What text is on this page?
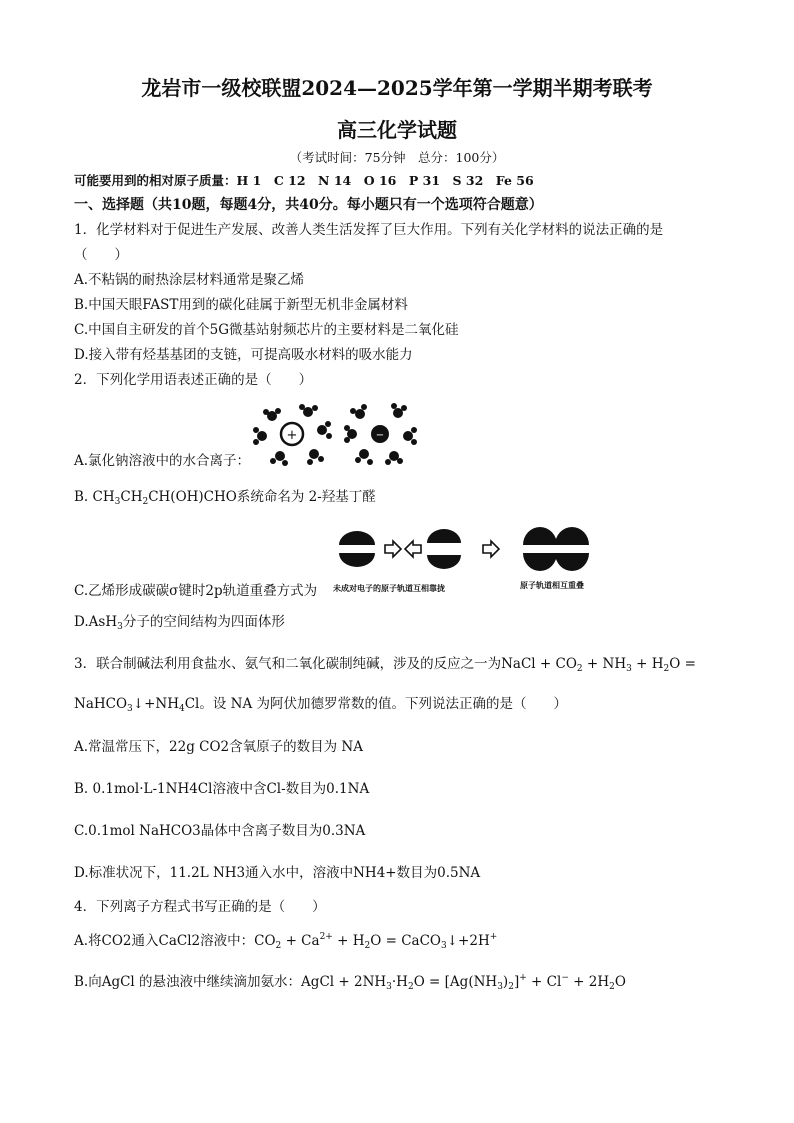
龙岩市一级校联盟2024—2025学年第一学期半期考联考
高三化学试题
（考试时间：75分钟　总分：100分）
可能要用到的相对原子质量：H 1　C 12　N 14　O 16　P 31　S 32　Fe 56
一、选择题（共10题，每题4分，共40分。每小题只有一个选项符合题意）
1．化学材料对于促进生产发展、改善人类生活发挥了巨大作用。下列有关化学材料的说法正确的是
（　　）
A.不粘锅的耐热涂层材料通常是聚乙烯
B.中国天眼FAST用到的碳化硅属于新型无机非金属材料
C.中国自主研发的首个5G微基站射频芯片的主要材料是二氧化硅
D.接入带有烃基基团的支链，可提高吸水材料的吸水能力
2．下列化学用语表述正确的是（　　）
+	−
A.氯化钠溶液中的水合离子：
B. $CH_3CH_2CH(OH)CHO$系统命名为 2-羟基丁醛
未成对电子的原子轨道互相靠拢	原子轨道相互重叠
C.乙烯形成碳碳σ键时2p轨道重叠方式为
D.AsH$_3$分子的空间结构为四面体形
3．联合制碱法利用食盐水、氨气和二氧化碳制纯碱，涉及的反应之一为NaCl + $CO_2 + NH_3 + H_2O$ =
$NaHCO_3↓+NH_4Cl$。设 NA 为阿伏加德罗常数的值。下列说法正确的是（　　）
A.常温常压下，22g CO2含氧原子的数目为 NA
B. 0.1mol·L-1NH4Cl溶液中含Cl-数目为0.1NA
C.0.1mol NaHCO3晶体中含离子数目为0.3NA
D.标准状况下，11.2L NH3通入水中，溶液中NH4+数目为0.5NA
4．下列离子方程式书写正确的是（　　）
A.将CO2通入CaCl2溶液中：$CO_2 + Ca^{2+} + H_2O$ = CaCO$_3$↓+2H+
B.向AgCl 的悬浊液中继续滴加氨水：AgCl + $2NH_3\cdot H_2O = [Ag(NH_3)_2]^+ + Cl^- + 2H_2O$
